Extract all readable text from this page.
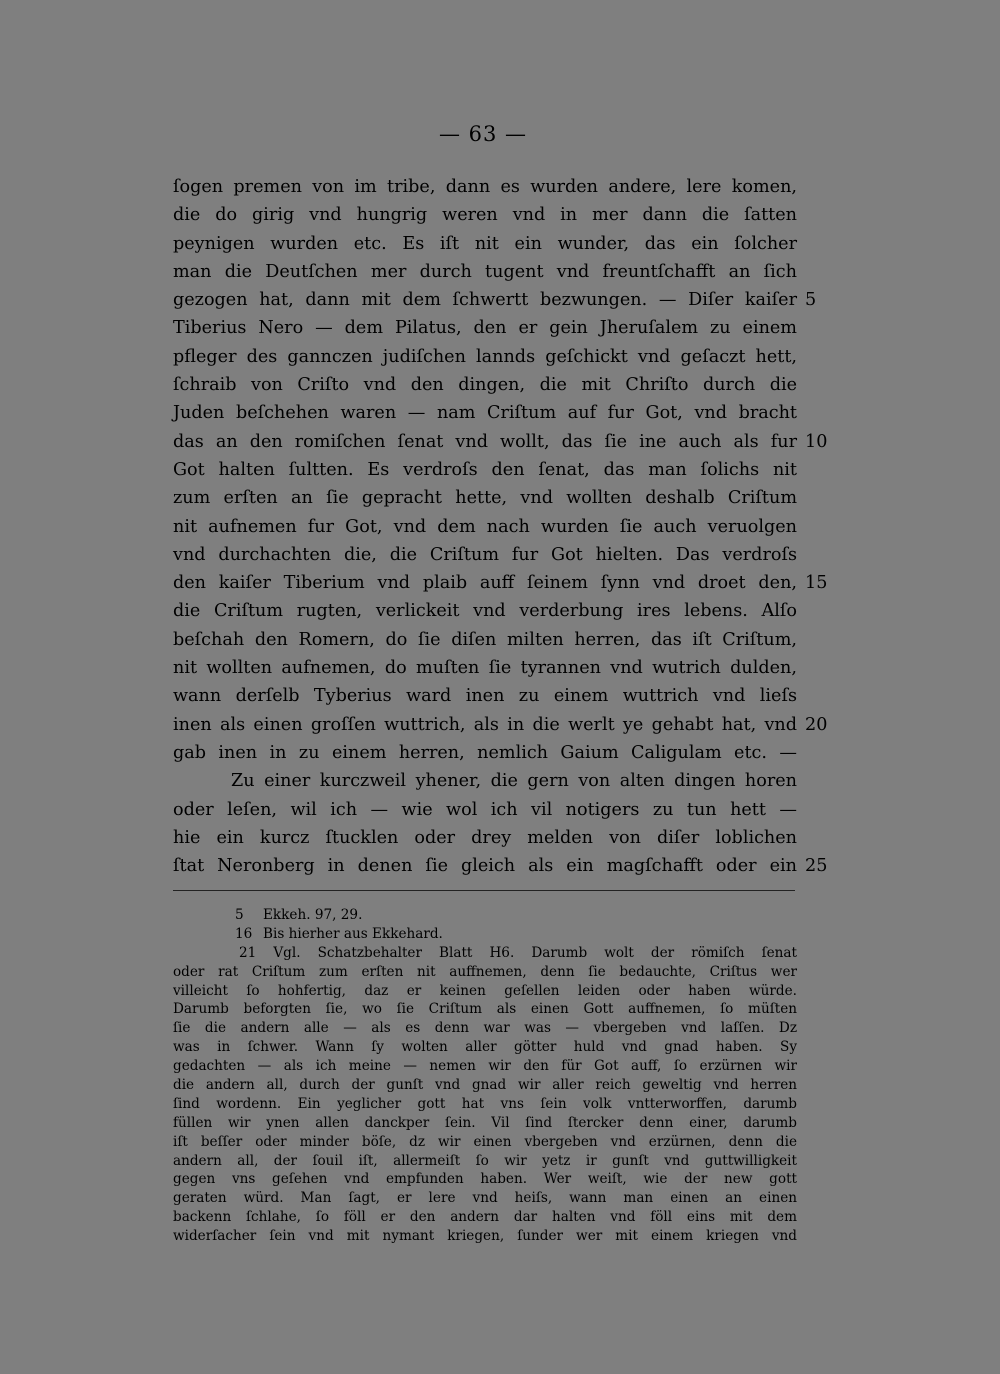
— 63 —
ſogen premen von im tribe, dann es wurden andere, lere komen,
die do girig vnd hungrig weren vnd in mer dann die ſatten
peynigen wurden etc. Es iſt nit ein wunder, das ein ſolcher
man die Deutſchen mer durch tugent vnd freuntſchafft an ſich
gezogen hat, dann mit dem ſchwertt bezwungen. — Diſer kaiſer 5
Tiberius Nero — dem Pilatus, den er gein Jheruſalem zu einem
pfleger des gannczen judiſchen lannds geſchickt vnd geſaczt hett,
ſchraib von Criſto vnd den dingen, die mit Chriſto durch die
Juden beſchehen waren — nam Criſtum auf fur Got, vnd bracht
das an den romiſchen ſenat vnd wollt, das ſie ine auch als fur 10
Got halten ſultten. Es verdroſs den ſenat, das man ſolichs nit
zum erſten an ſie gepracht hette, vnd wollten deshalb Criſtum
nit aufnemen fur Got, vnd dem nach wurden ſie auch veruolgen
vnd durchachten die, die Criſtum fur Got hielten. Das verdroſs
den kaiſer Tiberium vnd plaib auff ſeinem ſynn vnd droet den, 15
die Criſtum rugten, verlickeit vnd verderbung ires lebens. Alſo
beſchah den Romern, do ſie diſen milten herren, das iſt Criſtum,
nit wollten aufnemen, do muſten ſie tyrannen vnd wutrich dulden,
wann derſelb Tyberius ward inen zu einem wuttrich vnd lieſs
inen als einen groſſen wuttrich, als in die werlt ye gehabt hat, vnd 20
gab inen in zu einem herren, nemlich Gaium Caligulam etc. —
Zu einer kurczweil yhener, die gern von alten dingen horen
oder leſen, wil ich — wie wol ich vil notigers zu tun hett —
hie ein kurcz ſtucklen oder drey melden von diſer loblichen
ſtat Neronberg in denen ſie gleich als ein magſchafft oder ein 25
5 Ekkeh. 97, 29.
16 Bis hierher aus Ekkehard.
21 Vgl. Schatzbehalter Blatt H6. Darumb wolt der römiſch ſenat
oder rat Criſtum zum erſten nit auffnemen, denn ſie bedauchte, Criſtus wer
villeicht ſo hohfertig, daz er keinen geſellen leiden oder haben würde.
Darumb beforgten ſie, wo ſie Criſtum als einen Gott auffnemen, ſo müſten
ſie die andern alle — als es denn war was — vbergeben vnd laſſen. Dz
was in ſchwer. Wann ſy wolten aller götter huld vnd gnad haben. Sy
gedachten — als ich meine — nemen wir den für Got auff, ſo erzürnen wir
die andern all, durch der gunſt vnd gnad wir aller reich geweltig vnd herren
ſind wordenn. Ein yeglicher gott hat vns ſein volk vntterworffen, darumb
füllen wir ynen allen danckper ſein. Vil ſind ſtercker denn einer, darumb
iſt beſſer oder minder böſe, dz wir einen vbergeben vnd erzürnen, denn die
andern all, der ſouil iſt, allermeiſt ſo wir yetz ir gunſt vnd guttwilligkeit
gegen vns geſehen vnd empfunden haben. Wer weiſt, wie der new gott
geraten würd. Man ſagt, er lere vnd heiſs, wann man einen an einen
backenn ſchlahe, ſo föll er den andern dar halten vnd föll eins mit dem
widerſacher ſein vnd mit nymant kriegen, ſunder wer mit einem kriegen vnd
